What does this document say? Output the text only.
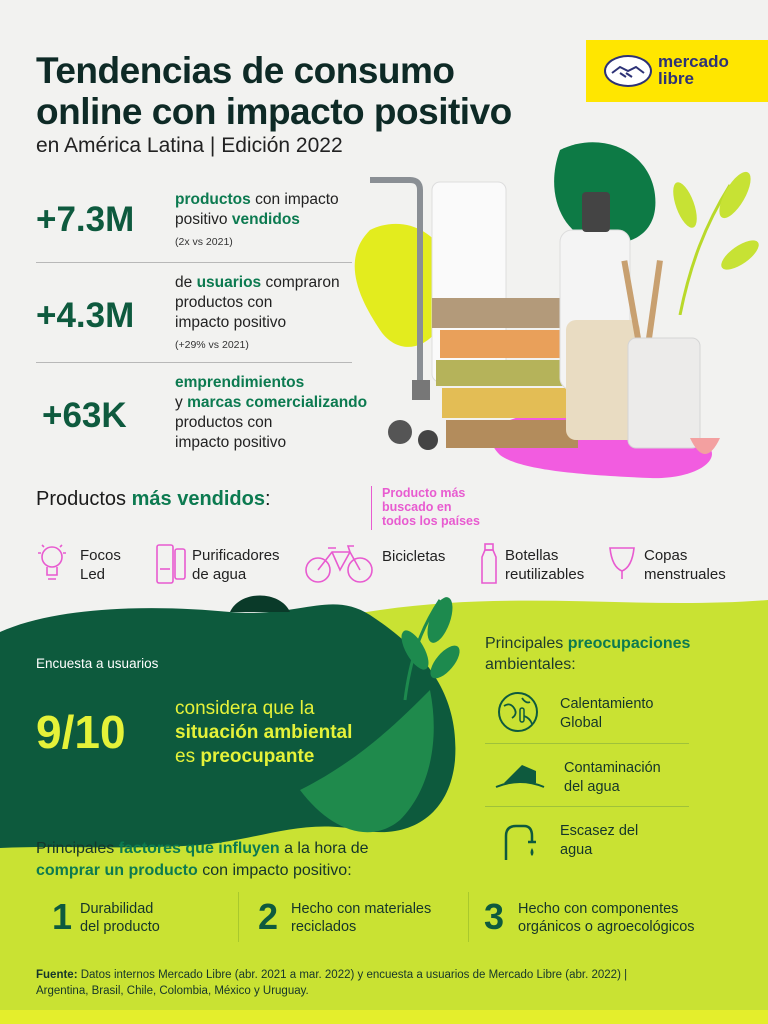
Tendencias de consumo
online con impacto positivo
en América Latina | Edición 2022
mercado
libre
+7.3M
productos con impacto
positivo vendidos
(2x vs 2021)
+4.3M
de usuarios compraron
productos con
impacto positivo
(+29% vs 2021)
+63K
emprendimientos
y marcas comercializando
productos con
impacto positivo
Productos más vendidos:	Producto más
buscado en
todos los países
Focos
Led
Purificadores
de agua
Bicicletas	Botellas
reutilizables
Copas
menstruales
Encuesta a usuarios
9/10	considera que la
situación ambiental
es preocupante
Principales preocupaciones
ambientales:
Calentamiento
Global
Contaminación
del agua
Escasez del
agua
Principales factores que influyen a la hora de
comprar un producto con impacto positivo:
1 Durabilidad
del producto	2 Hecho con materiales
reciclados	3 Hecho con componentes
orgánicos o agroecológicos
Fuente: Datos internos Mercado Libre (abr. 2021 a mar. 2022) y encuesta a usuarios de Mercado Libre (abr. 2022) | Argentina, Brasil, Chile, Colombia, México y Uruguay.
